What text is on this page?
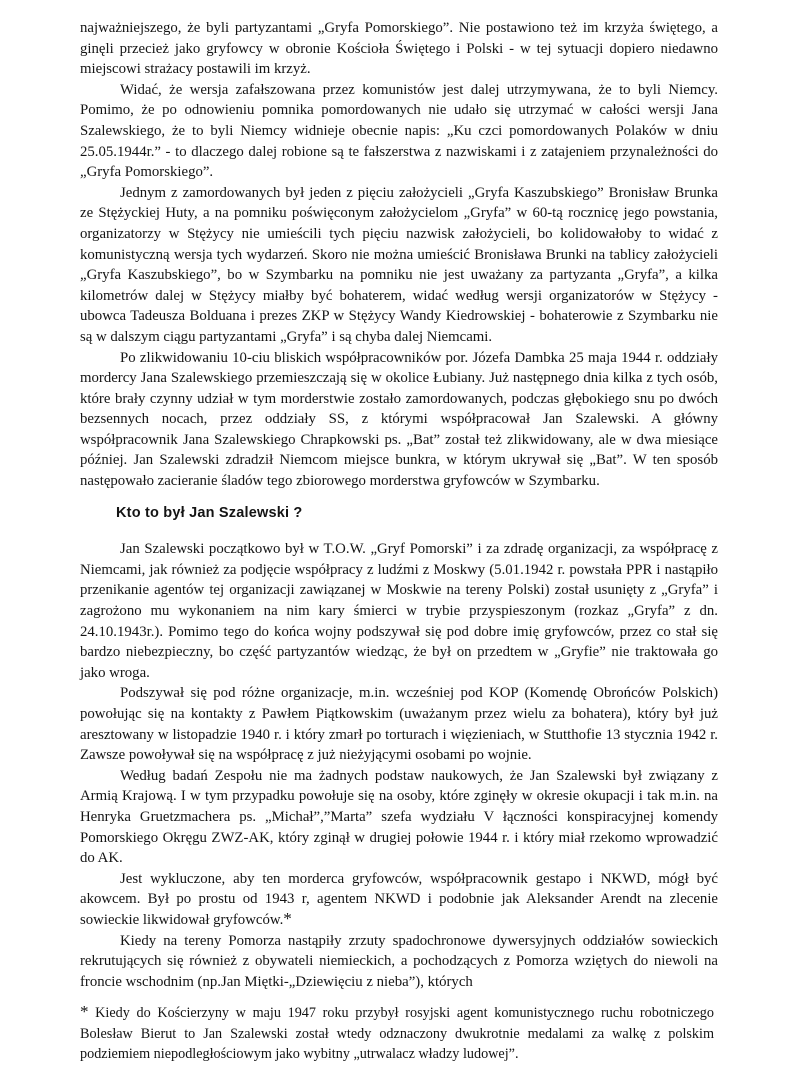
najważniejszego, że byli partyzantami „Gryfa Pomorskiego”. Nie postawiono też im krzyża świętego, a ginęli przecież jako gryfowcy w obronie Kościoła Świętego i Polski - w tej sytuacji dopiero niedawno miejscowi strażacy postawili im krzyż.

Widać, że wersja zafałszowana przez komunistów jest dalej utrzymywana, że to byli Niemcy. Pomimo, że po odnowieniu pomnika pomordowanych nie udało się utrzymać w całości wersji Jana Szalewskiego, że to byli Niemcy widnieje obecnie napis: „Ku czci pomordowanych Polaków w dniu 25.05.1944r.” - to dlaczego dalej robione są te fałszerstwa z nazwiskami i z zatajeniem przynależności do „Gryfa Pomorskiego”.

Jednym z zamordowanych był jeden z pięciu założycieli „Gryfa Kaszubskiego” Bronisław Brunka ze Stężyckiej Huty, a na pomniku poświęconym założycielom „Gryfa” w 60-tą rocznicę jego powstania, organizatorzy w Stężycy nie umieścili tych pięciu nazwisk założycieli, bo kolidowałoby to widać z komunistyczną wersja tych wydarzeń. Skoro nie można umieścić Bronisława Brunki na tablicy założycieli „Gryfa Kaszubskiego”, bo w Szymbarku na pomniku nie jest uważany za partyzanta „Gryfa”, a kilka kilometrów dalej w Stężycy miałby być bohaterem, widać według wersji organizatorów w Stężycy - ubowca Tadeusza Bolduana i prezes ZKP w Stężycy Wandy Kiedrowskiej - bohaterowie z Szymbarku nie są w dalszym ciągu partyzantami „Gryfa” i są chyba dalej Niemcami.

Po zlikwidowaniu 10-ciu bliskich współpracowników por. Józefa Dambka 25 maja 1944 r. oddziały mordercy Jana Szalewskiego przemieszczają się w okolice Łubiany. Już następnego dnia kilka z tych osób, które brały czynny udział w tym morderstwie zostało zamordowanych, podczas głębokiego snu po dwóch bezsennych nocach, przez oddziały SS, z którymi współpracował Jan Szalewski. A główny współpracownik Jana Szalewskiego Chrapkowski ps. „Bat” został też zlikwidowany, ale w dwa miesiące później. Jan Szalewski zdradził Niemcom miejsce bunkra, w którym ukrywał się „Bat”. W ten sposób następowało zacieranie śladów tego zbiorowego morderstwa gryfowców w Szymbarku.

Kto to był Jan Szalewski ?

Jan Szalewski początkowo był w T.O.W. „Gryf Pomorski” i za zdradę organizacji, za współpracę z Niemcami, jak również za podjęcie współpracy z ludźmi z Moskwy (5.01.1942 r. powstała PPR i nastąpiło przenikanie agentów tej organizacji zawiązanej w Moskwie na tereny Polski) został usunięty z „Gryfa” i zagrożono mu wykonaniem na nim kary śmierci w trybie przyspieszonym (rozkaz „Gryfa” z dn. 24.10.1943r.). Pomimo tego do końca wojny podszywał się pod dobre imię gryfowców, przez co stał się bardzo niebezpieczny, bo część partyzantów wiedząc, że był on przedtem w „Gryfie” nie traktowała go jako wroga.

Podszywał się pod różne organizacje, m.in. wcześniej pod KOP (Komendę Obrońców Polskich) powołując się na kontakty z Pawłem Piątkowskim (uważanym przez wielu za bohatera), który był już aresztowany w listopadzie 1940 r. i który zmarł po torturach i więzieniach, w Stutthofie 13 stycznia 1942 r. Zawsze powoływał się na współpracę z już nieżyjącymi osobami po wojnie.

Według badań Zespołu nie ma żadnych podstaw naukowych, że Jan Szalewski był związany z Armią Krajową. I w tym przypadku powołuje się na osoby, które zginęły w okresie okupacji i tak m.in. na Henryka Gruetzmachera ps. „Michał”,”Marta” szefa wydziału V łączności konspiracyjnej komendy Pomorskiego Okręgu ZWZ-AK, który zginął w drugiej połowie 1944 r. i który miał rzekomo wprowadzić do AK.

Jest wykluczone, aby ten morderca gryfowców, współpracownik gestapo i NKWD, mógł być akowcem. Był po prostu od 1943 r, agentem NKWD i podobnie jak Aleksander Arendt na zlecenie sowieckie likwidował gryfowców.*

Kiedy na tereny Pomorza nastąpiły zrzuty spadochronowe dywersyjnych oddziałów sowieckich rekrutujących się również z obywateli niemieckich, a pochodzących z Pomorza wziętych do niewoli na froncie wschodnim (np.Jan Miętki-„Dziewięciu z nieba”), których

* Kiedy do Kościerzyny w maju 1947 roku przybył rosyjski agent komunistycznego ruchu robotniczego Bolesław Bierut to Jan Szalewski został wtedy odznaczony dwukrotnie medalami za walkę z polskim podziemiem niepodległościowym jako wybitny „utrwalacz władzy ludowej”.
